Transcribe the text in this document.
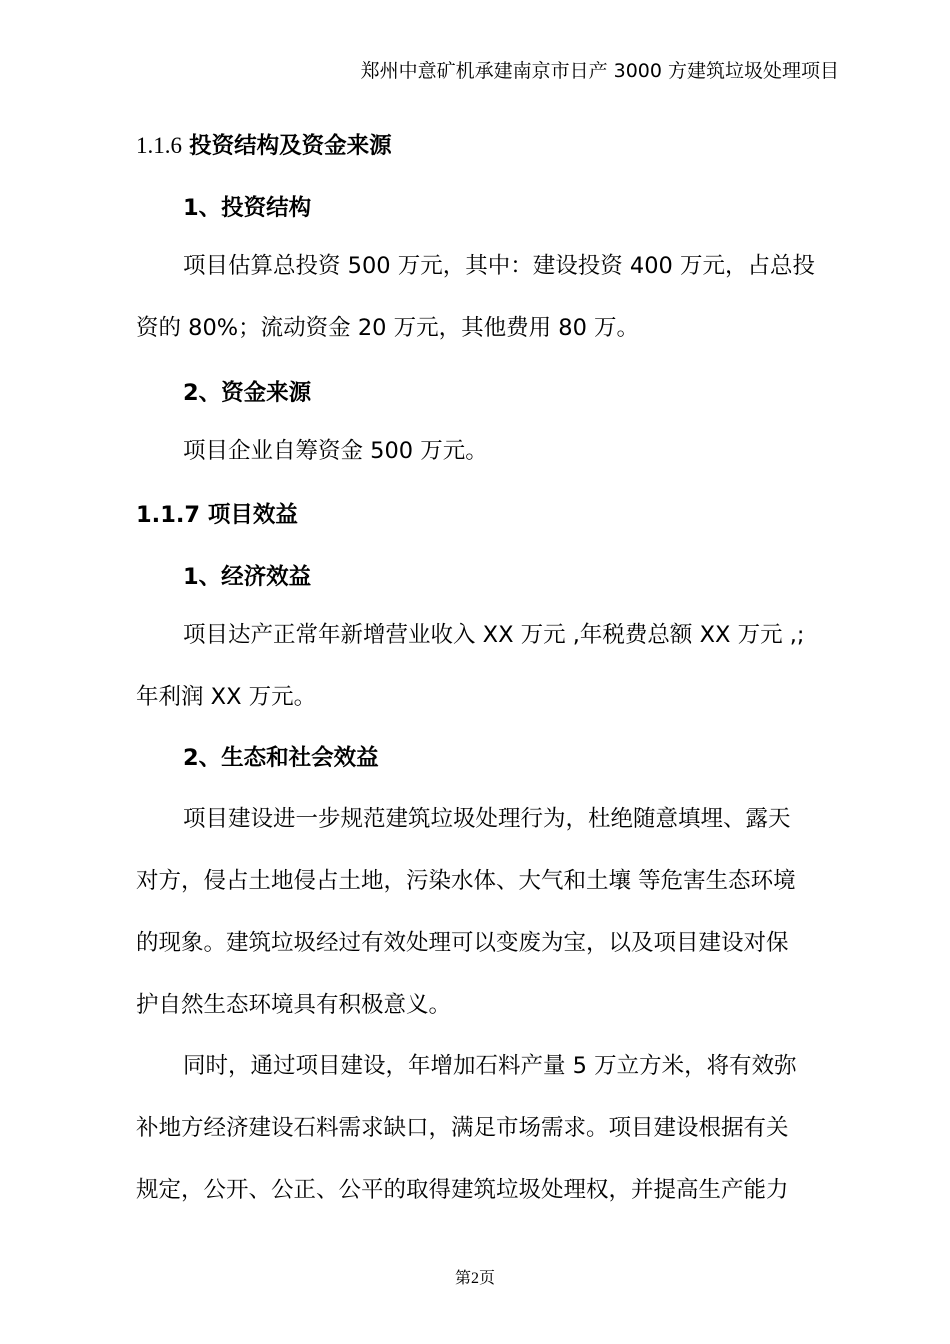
郑州中意矿机承建南京市日产 3000 方建筑垃圾处理项目
1.1.6 投资结构及资金来源
1、投资结构
项目估算总投资 500 万元，其中：建设投资 400 万元，占总投
资的 80%；流动资金 20 万元，其他费用 80 万。
2、资金来源
项目企业自筹资金 500 万元。
1.1.7 项目效益
1、经济效益
项目达产正常年新增营业收入 XX 万元 ,年税费总额 XX 万元 ,;
年利润 XX 万元。
2、生态和社会效益
项目建设进一步规范建筑垃圾处理行为，杜绝随意填埋、露天
对方，侵占土地侵占土地，污染水体、大气和土壤 等危害生态环境
的现象。建筑垃圾经过有效处理可以变废为宝，以及项目建设对保
护自然生态环境具有积极意义。
同时，通过项目建设，年增加石料产量 5 万立方米，将有效弥
补地方经济建设石料需求缺口，满足市场需求。项目建设根据有关
规定，公开、公正、公平的取得建筑垃圾处理权，并提高生产能力
第2页
